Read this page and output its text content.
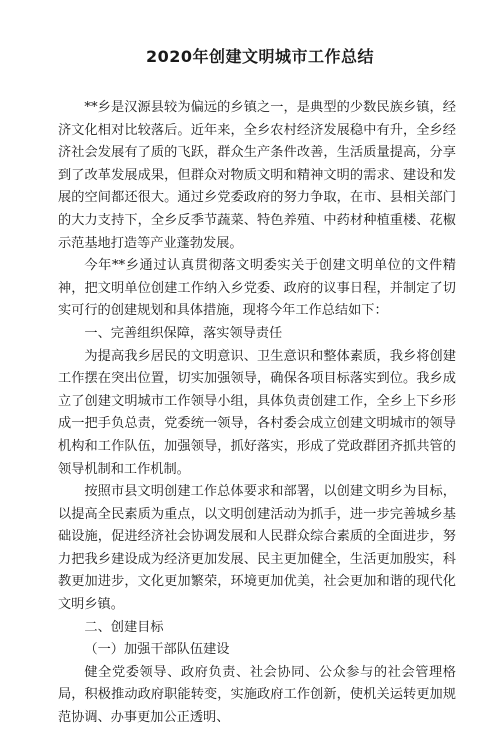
2020年创建文明城市工作总结

**乡是汉源县较为偏远的乡镇之一，是典型的少数民族乡镇，经济文化相对比较落后。近年来，全乡农村经济发展稳中有升，全乡经济社会发展有了质的飞跃，群众生产条件改善，生活质量提高，分享到了改革发展成果，但群众对物质文明和精神文明的需求、建设和发展的空间都还很大。通过乡党委政府的努力争取，在市、县相关部门的大力支持下，全乡反季节蔬菜、特色养殖、中药材种植重楼、花椒示范基地打造等产业蓬勃发展。

今年**乡通过认真贯彻落文明委实关于创建文明单位的文件精神，把文明单位创建工作纳入乡党委、政府的议事日程，并制定了切实可行的创建规划和具体措施，现将今年工作总结如下：

一、完善组织保障，落实领导责任

为提高我乡居民的文明意识、卫生意识和整体素质，我乡将创建工作摆在突出位置，切实加强领导，确保各项目标落实到位。我乡成立了创建文明城市工作领导小组，具体负责创建工作，全乡上下乡形成一把手负总责，党委统一领导，各村委会成立创建文明城市的领导机构和工作队伍，加强领导，抓好落实，形成了党政群团齐抓共管的领导机制和工作机制。

按照市县文明创建工作总体要求和部署，以创建文明乡为目标，以提高全民素质为重点，以文明创建活动为抓手，进一步完善城乡基础设施，促进经济社会协调发展和人民群众综合素质的全面进步，努力把我乡建设成为经济更加发展、民主更加健全，生活更加殷实，科教更加进步，文化更加繁荣，环境更加优美，社会更加和谐的现代化文明乡镇。

二、创建目标

（一）加强干部队伍建设

健全党委领导、政府负责、社会协同、公众参与的社会管理格局，积极推动政府职能转变，实施政府工作创新，使机关运转更加规范协调、办事更加公正透明、
